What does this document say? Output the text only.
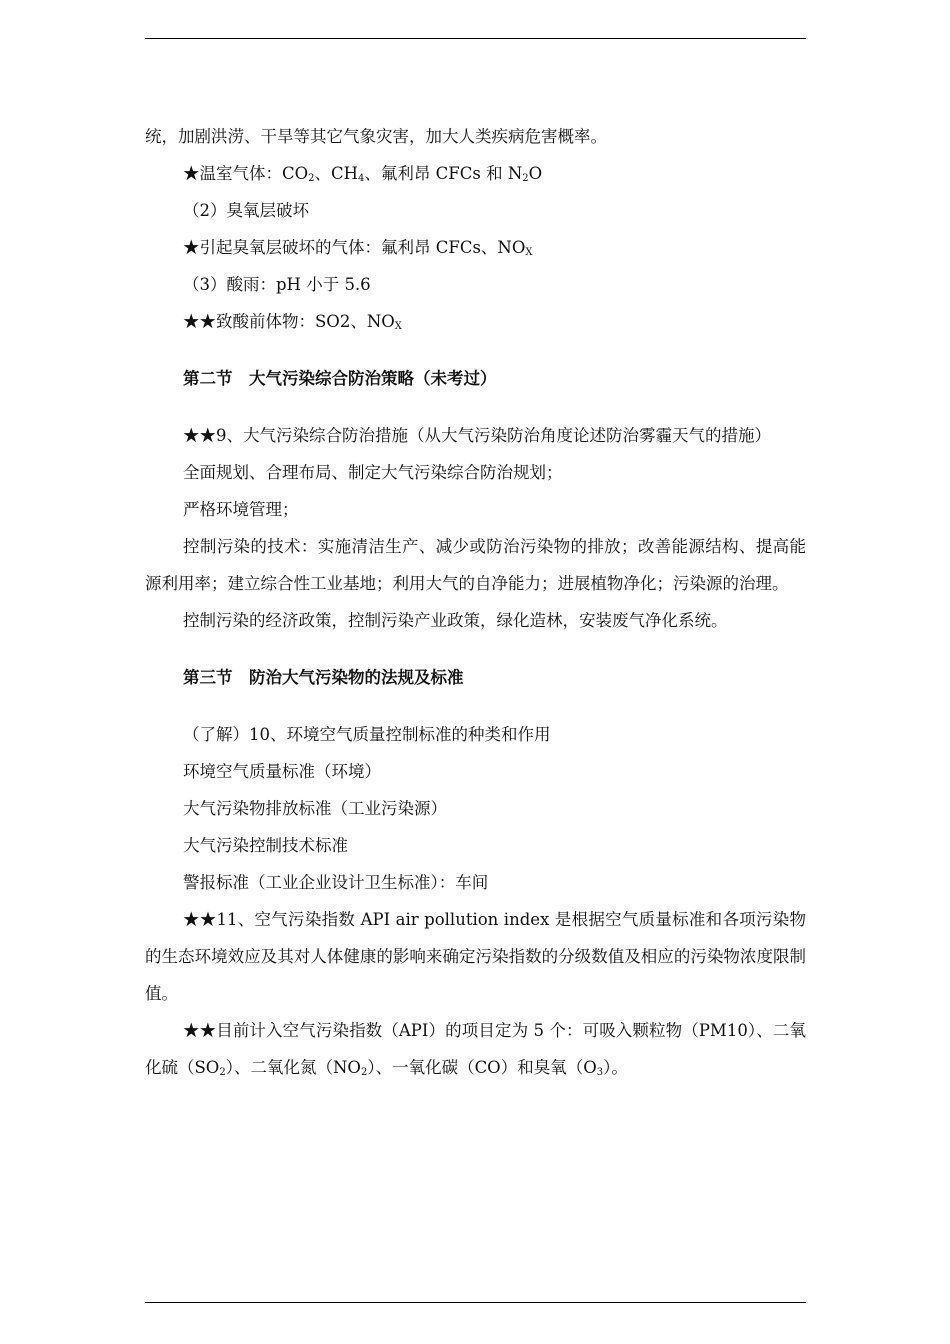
统，加剧洪涝、干旱等其它气象灾害，加大人类疾病危害概率。

★温室气体：$CO_2$、$CH_4$、氟利昂 CFCs 和 $N_2O$

（2）臭氧层破坏

★引起臭氧层破坏的气体：氟利昂 CFCs、$NO_X$

（3）酸雨：pH 小于 5.6

★★致酸前体物：SO2、$NO_X$

第二节　大气污染综合防治策略（未考过）

★★9、大气污染综合防治措施（从大气污染防治角度论述防治雾霾天气的措施）

全面规划、合理布局、制定大气污染综合防治规划；

严格环境管理；

控制污染的技术：实施清洁生产、减少或防治污染物的排放；改善能源结构、提高能源利用率；建立综合性工业基地；利用大气的自净能力；进展植物净化；污染源的治理。

控制污染的经济政策，控制污染产业政策，绿化造林，安装废气净化系统。

第三节　防治大气污染物的法规及标准

（了解）10、环境空气质量控制标准的种类和作用

环境空气质量标准（环境）

大气污染物排放标准（工业污染源）

大气污染控制技术标准

警报标准（工业企业设计卫生标准）：车间

★★11、空气污染指数 API air pollution index 是根据空气质量标准和各项污染物的生态环境效应及其对人体健康的影响来确定污染指数的分级数值及相应的污染物浓度限制值。

★★目前计入空气污染指数（API）的项目定为 5 个：可吸入颗粒物（PM10）、二氧化硫$(SO_2)$、二氧化氮$(NO_2)$、一氧化碳（CO）和臭氧$(O_3)$。
